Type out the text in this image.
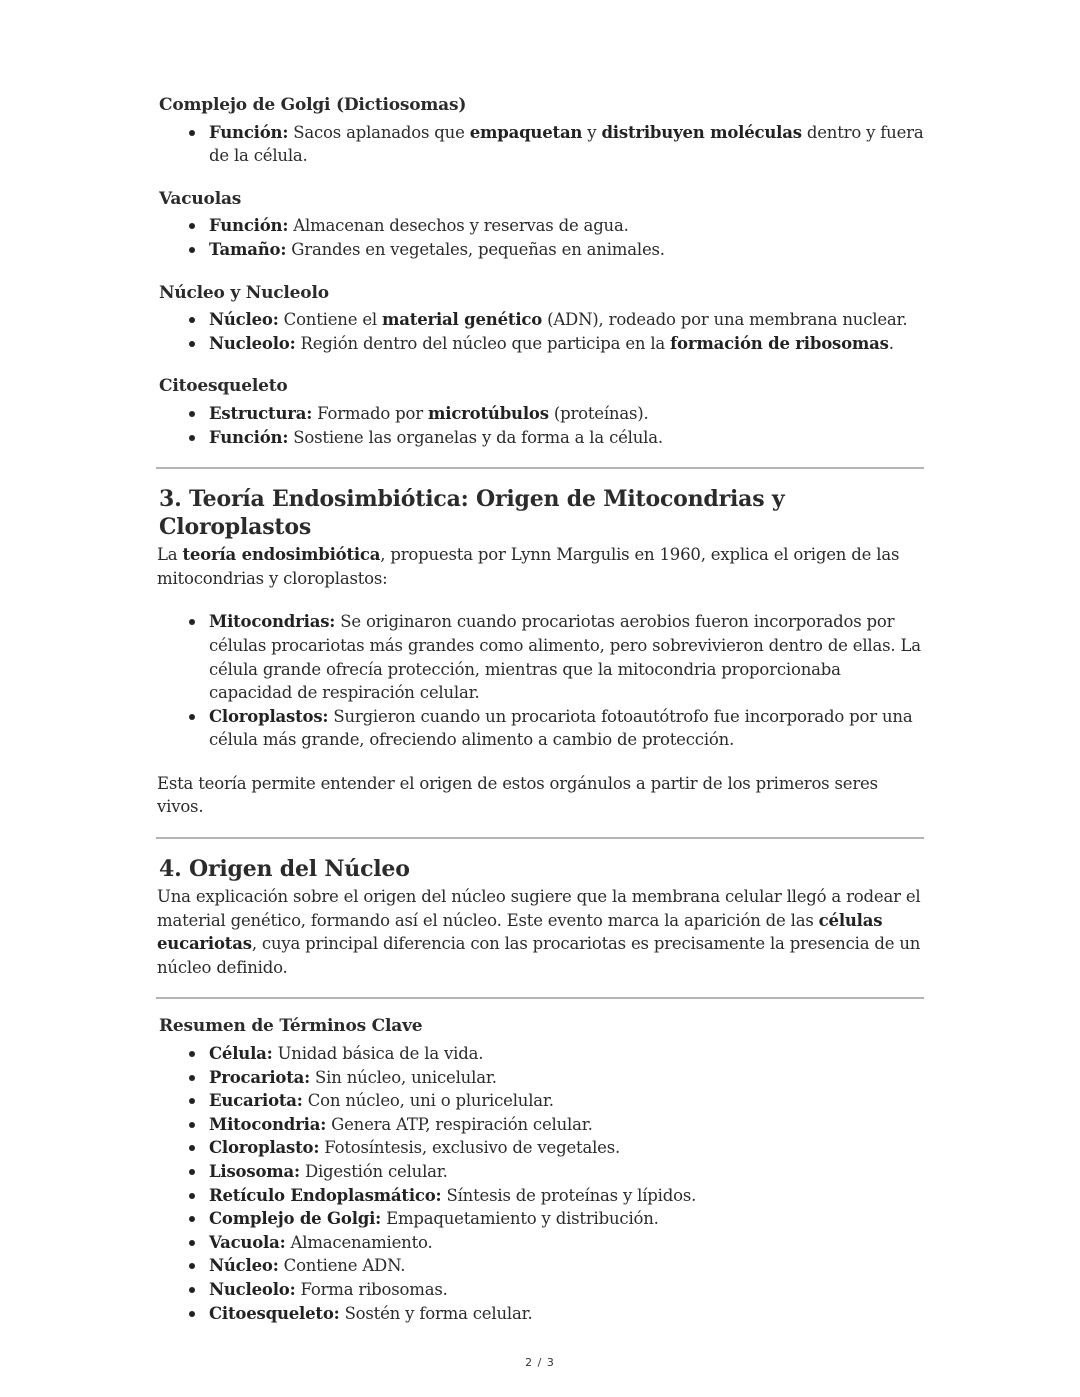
Complejo de Golgi (Dictiosomas)
Función: Sacos aplanados que empaquetan y distribuyen moléculas dentro y fuera de la célula.
Vacuolas
Función: Almacenan desechos y reservas de agua.
Tamaño: Grandes en vegetales, pequeñas en animales.
Núcleo y Nucleolo
Núcleo: Contiene el material genético (ADN), rodeado por una membrana nuclear.
Nucleolo: Región dentro del núcleo que participa en la formación de ribosomas.
Citoesqueleto
Estructura: Formado por microtúbulos (proteínas).
Función: Sostiene las organelas y da forma a la célula.
3. Teoría Endosimbiótica: Origen de Mitocondrias y Cloroplastos

La teoría endosimbiótica, propuesta por Lynn Margulis en 1960, explica el origen de las mitocondrias y cloroplastos:

Mitocondrias: Se originaron cuando procariotas aerobios fueron incorporados por células procariotas más grandes como alimento, pero sobrevivieron dentro de ellas. La célula grande ofrecía protección, mientras que la mitocondria proporcionaba capacidad de respiración celular.
Cloroplastos: Surgieron cuando un procariota fotoautótrofo fue incorporado por una célula más grande, ofreciendo alimento a cambio de protección.

Esta teoría permite entender el origen de estos orgánulos a partir de los primeros seres vivos.

4. Origen del Núcleo

Una explicación sobre el origen del núcleo sugiere que la membrana celular llegó a rodear el material genético, formando así el núcleo. Este evento marca la aparición de las células eucariotas, cuya principal diferencia con las procariotas es precisamente la presencia de un núcleo definido.

Resumen de Términos Clave
Célula: Unidad básica de la vida.
Procariota: Sin núcleo, unicelular.
Eucariota: Con núcleo, uni o pluricelular.
Mitocondria: Genera ATP, respiración celular.
Cloroplasto: Fotosíntesis, exclusivo de vegetales.
Lisosoma: Digestión celular.
Retículo Endoplasmático: Síntesis de proteínas y lípidos.
Complejo de Golgi: Empaquetamiento y distribución.
Vacuola: Almacenamiento.
Núcleo: Contiene ADN.
Nucleolo: Forma ribosomas.
Citoesqueleto: Sostén y forma celular.
2 / 3
